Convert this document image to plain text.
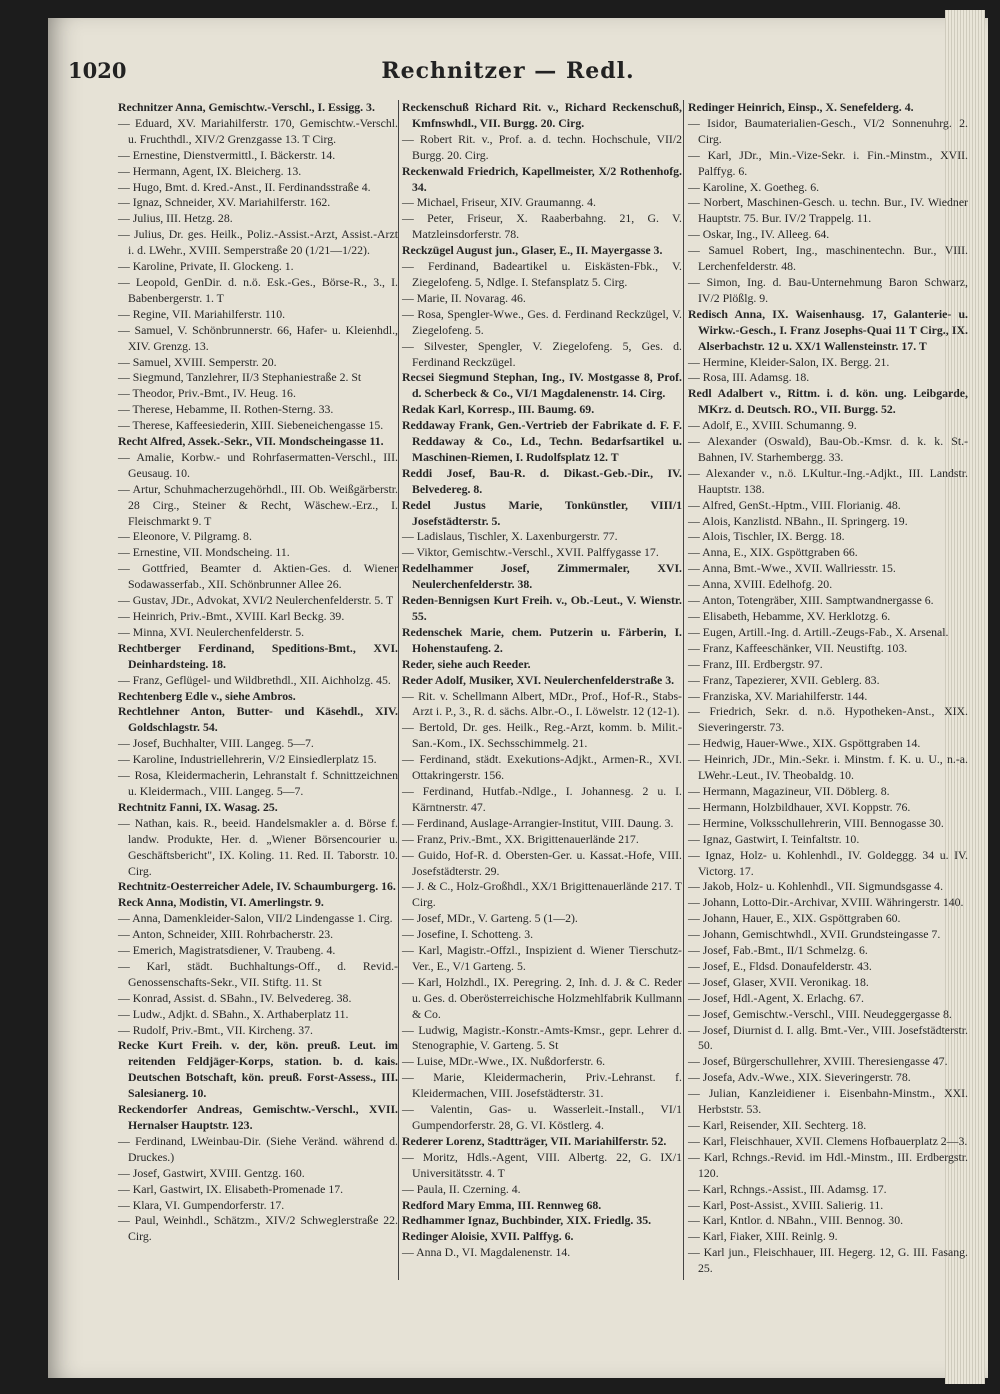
1020	Rechnitzer — Redl.

Rechnitzer Anna, Gemischtw.-Verschl., I. Essigg. 3.

— Eduard, XV. Mariahilferstr. 170, Gemischtw.-Verschl. u. Fruchthdl., XIV/2 Grenzgasse 13. T Cirg.

— Ernestine, Dienstvermittl., I. Bäckerstr. 14.

— Hermann, Agent, IX. Bleicherg. 13.

— Hugo, Bmt. d. Kred.-Anst., II. Ferdinandsstraße 4.

— Ignaz, Schneider, XV. Mariahilferstr. 162.

— Julius, III. Hetzg. 28.

— Julius, Dr. ges. Heilk., Poliz.-Assist.-Arzt, Assist.-Arzt i. d. LWehr., XVIII. Semperstraße 20 (1/21—1/22).

— Karoline, Private, II. Glockeng. 1.

— Leopold, GenDir. d. n.ö. Esk.-Ges., Börse-R., 3., I. Babenbergerstr. 1. T

— Regine, VII. Mariahilferstr. 110.

— Samuel, V. Schönbrunnerstr. 66, Hafer- u. Kleienhdl., XIV. Grenzg. 13.

— Samuel, XVIII. Semperstr. 20.

— Siegmund, Tanzlehrer, II/3 Stephaniestraße 2. St

— Theodor, Priv.-Bmt., IV. Heug. 16.

— Therese, Hebamme, II. Rothen-Sterng. 33.

— Therese, Kaffeesiederin, XIII. Siebeneichengasse 15.

Recht Alfred, Assek.-Sekr., VII. Mondscheingasse 11.

— Amalie, Korbw.- und Rohrfasermatten-Verschl., III. Geusaug. 10.

— Artur, Schuhmacherzugehörhdl., III. Ob. Weißgärberstr. 28 Cirg., Steiner & Recht, Wäschew.-Erz., I. Fleischmarkt 9. T

— Eleonore, V. Pilgramg. 8.

— Ernestine, VII. Mondscheing. 11.

— Gottfried, Beamter d. Aktien-Ges. d. Wiener Sodawasserfab., XII. Schönbrunner Allee 26.

— Gustav, JDr., Advokat, XVI/2 Neulerchenfelderstr. 5. T

— Heinrich, Priv.-Bmt., XVIII. Karl Beckg. 39.

— Minna, XVI. Neulerchenfelderstr. 5.

Rechtberger Ferdinand, Speditions-Bmt., XVI. Deinhardsteing. 18.

— Franz, Geflügel- und Wildbrethdl., XII. Aichholzg. 45.

Rechtenberg Edle v., siehe Ambros.

Rechtlehner Anton, Butter- und Käsehdl., XIV. Goldschlagstr. 54.

— Josef, Buchhalter, VIII. Langeg. 5—7.

— Karoline, Industriellehrerin, V/2 Einsiedlerplatz 15.

— Rosa, Kleidermacherin, Lehranstalt f. Schnittzeichnen u. Kleidermach., VIII. Langeg. 5—7.

Rechtnitz Fanni, IX. Wasag. 25.

— Nathan, kais. R., beeid. Handelsmakler a. d. Börse f. landw. Produkte, Her. d. „Wiener Börsencourier u. Geschäftsbericht", IX. Koling. 11. Red. II. Taborstr. 10. Cirg.

Rechtnitz-Oesterreicher Adele, IV. Schaumburgerg. 16.

Reck Anna, Modistin, VI. Amerlingstr. 9.

— Anna, Damenkleider-Salon, VII/2 Lindengasse 1. Cirg.

— Anton, Schneider, XIII. Rohrbacherstr. 23.

— Emerich, Magistratsdiener, V. Traubeng. 4.

— Karl, städt. Buchhaltungs-Off., d. Revid.-Genossenschafts-Sekr., VII. Stiftg. 11. St

— Konrad, Assist. d. SBahn., IV. Belvedereg. 38.

— Ludw., Adjkt. d. SBahn., X. Arthaberplatz 11.

— Rudolf, Priv.-Bmt., VII. Kircheng. 37.

Recke Kurt Freih. v. der, kön. preuß. Leut. im reitenden Feldjäger-Korps, station. b. d. kais. Deutschen Botschaft, kön. preuß. Forst-Assess., III. Salesianerg. 10.

Reckendorfer Andreas, Gemischtw.-Verschl., XVII. Hernalser Hauptstr. 123.

— Ferdinand, LWeinbau-Dir. (Siehe Veränd. während d. Druckes.)

— Josef, Gastwirt, XVIII. Gentzg. 160.

— Karl, Gastwirt, IX. Elisabeth-Promenade 17.

— Klara, VI. Gumpendorferstr. 17.

— Paul, Weinhdl., Schätzm., XIV/2 Schweglerstraße 22. Cirg.

Reckenschuß Richard Rit. v., Richard Reckenschuß, Kmfnswhdl., VII. Burgg. 20. Cirg.

— Robert Rit. v., Prof. a. d. techn. Hochschule, VII/2 Burgg. 20. Cirg.

Reckenwald Friedrich, Kapellmeister, X/2 Rothenhofg. 34.

— Michael, Friseur, XIV. Graumanng. 4.

— Peter, Friseur, X. Raaberbahng. 21, G. V. Matzleinsdorferstr. 78.

Reckzügel August jun., Glaser, E., II. Mayergasse 3.

— Ferdinand, Badeartikel u. Eiskästen-Fbk., V. Ziegelofeng. 5, Ndlge. I. Stefansplatz 5. Cirg.

— Marie, II. Novarag. 46.

— Rosa, Spengler-Wwe., Ges. d. Ferdinand Reckzügel, V. Ziegelofeng. 5.

— Silvester, Spengler, V. Ziegelofeng. 5, Ges. d. Ferdinand Reckzügel.

Recsei Siegmund Stephan, Ing., IV. Mostgasse 8, Prof. d. Scherbeck & Co., VI/1 Magdalenenstr. 14. Cirg.

Redak Karl, Korresp., III. Baumg. 69.

Reddaway Frank, Gen.-Vertrieb der Fabrikate d. F. F. Reddaway & Co., Ld., Techn. Bedarfsartikel u. Maschinen-Riemen, I. Rudolfsplatz 12. T

Reddi Josef, Bau-R. d. Dikast.-Geb.-Dir., IV. Belvedereg. 8.

Redel Justus Marie, Tonkünstler, VIII/1 Josefstädterstr. 5.

— Ladislaus, Tischler, X. Laxenburgerstr. 77.

— Viktor, Gemischtw.-Verschl., XVII. Palffygasse 17.

Redelhammer Josef, Zimmermaler, XVI. Neulerchenfelderstr. 38.

Reden-Bennigsen Kurt Freih. v., Ob.-Leut., V. Wienstr. 55.

Redenschek Marie, chem. Putzerin u. Färberin, I. Hohenstaufeng. 2.

Reder, siehe auch Reeder.

Reder Adolf, Musiker, XVI. Neulerchenfelderstraße 3.

— Rit. v. Schellmann Albert, MDr., Prof., Hof-R., Stabs-Arzt i. P., 3., R. d. sächs. Albr.-O., I. Löwelstr. 12 (12-1).

— Bertold, Dr. ges. Heilk., Reg.-Arzt, komm. b. Milit.-San.-Kom., IX. Sechsschimmelg. 21.

— Ferdinand, städt. Exekutions-Adjkt., Armen-R., XVI. Ottakringerstr. 156.

— Ferdinand, Hutfab.-Ndlge., I. Johannesg. 2 u. I. Kärntnerstr. 47.

— Ferdinand, Auslage-Arrangier-Institut, VIII. Daung. 3.

— Franz, Priv.-Bmt., XX. Brigittenauerlände 217.

— Guido, Hof-R. d. Obersten-Ger. u. Kassat.-Hofe, VIII. Josefstädterstr. 29.

— J. & C., Holz-Großhdl., XX/1 Brigittenauerlände 217. T Cirg.

— Josef, MDr., V. Garteng. 5 (1—2).

— Josefine, I. Schotteng. 3.

— Karl, Magistr.-Offzl., Inspizient d. Wiener Tierschutz-Ver., E., V/1 Garteng. 5.

— Karl, Holzhdl., IX. Peregring. 2, Inh. d. J. & C. Reder u. Ges. d. Oberösterreichische Holzmehlfabrik Kullmann & Co.

— Ludwig, Magistr.-Konstr.-Amts-Kmsr., gepr. Lehrer d. Stenographie, V. Garteng. 5. St

— Luise, MDr.-Wwe., IX. Nußdorferstr. 6.

— Marie, Kleidermacherin, Priv.-Lehranst. f. Kleidermachen, VIII. Josefstädterstr. 31.

— Valentin, Gas- u. Wasserleit.-Install., VI/1 Gumpendorferstr. 28, G. VI. Köstlerg. 4.

Rederer Lorenz, Stadtträger, VII. Mariahilferstr. 52.

— Moritz, Hdls.-Agent, VIII. Albertg. 22, G. IX/1 Universitätsstr. 4. T

— Paula, II. Czerning. 4.

Redford Mary Emma, III. Rennweg 68.

Redhammer Ignaz, Buchbinder, XIX. Friedlg. 35.

Redinger Aloisie, XVII. Palffyg. 6.

— Anna D., VI. Magdalenenstr. 14.

Redinger Heinrich, Einsp., X. Senefelderg. 4.

— Isidor, Baumaterialien-Gesch., VI/2 Sonnenuhrg. 2. Cirg.

— Karl, JDr., Min.-Vize-Sekr. i. Fin.-Minstm., XVII. Palffyg. 6.

— Karoline, X. Goetheg. 6.

— Norbert, Maschinen-Gesch. u. techn. Bur., IV. Wiedner Hauptstr. 75. Bur. IV/2 Trappelg. 11.

— Oskar, Ing., IV. Alleeg. 64.

— Samuel Robert, Ing., maschinentechn. Bur., VIII. Lerchenfelderstr. 48.

— Simon, Ing. d. Bau-Unternehmung Baron Schwarz, IV/2 Plößlg. 9.

Redisch Anna, IX. Waisenhausg. 17, Galanterie- u. Wirkw.-Gesch., I. Franz Josephs-Quai 11 T Cirg., IX. Alserbachstr. 12 u. XX/1 Wallensteinstr. 17. T

— Hermine, Kleider-Salon, IX. Bergg. 21.

— Rosa, III. Adamsg. 18.

Redl Adalbert v., Rittm. i. d. kön. ung. Leibgarde, MKrz. d. Deutsch. RO., VII. Burgg. 52.

— Adolf, E., XVIII. Schumanng. 9.

— Alexander (Oswald), Bau-Ob.-Kmsr. d. k. k. St.-Bahnen, IV. Starhembergg. 33.

— Alexander v., n.ö. LKultur.-Ing.-Adjkt., III. Landstr. Hauptstr. 138.

— Alfred, GenSt.-Hptm., VIII. Florianig. 48.

— Alois, Kanzlistd. NBahn., II. Springerg. 19.

— Alois, Tischler, IX. Bergg. 18.

— Anna, E., XIX. Gspöttgraben 66.

— Anna, Bmt.-Wwe., XVII. Wallriesstr. 15.

— Anna, XVIII. Edelhofg. 20.

— Anton, Totengräber, XIII. Samptwandnergasse 6.

— Elisabeth, Hebamme, XV. Herklotzg. 6.

— Eugen, Artill.-Ing. d. Artill.-Zeugs-Fab., X. Arsenal.

— Franz, Kaffeeschänker, VII. Neustiftg. 103.

— Franz, III. Erdbergstr. 97.

— Franz, Tapezierer, XVII. Geblerg. 83.

— Franziska, XV. Mariahilferstr. 144.

— Friedrich, Sekr. d. n.ö. Hypotheken-Anst., XIX. Sieveringerstr. 73.

— Hedwig, Hauer-Wwe., XIX. Gspöttgraben 14.

— Heinrich, JDr., Min.-Sekr. i. Minstm. f. K. u. U., n.-a. LWehr.-Leut., IV. Theobaldg. 10.

— Hermann, Magazineur, VII. Döblerg. 8.

— Hermann, Holzbildhauer, XVI. Koppstr. 76.

— Hermine, Volksschullehrerin, VIII. Bennogasse 30.

— Ignaz, Gastwirt, I. Teinfaltstr. 10.

— Ignaz, Holz- u. Kohlenhdl., IV. Goldeggg. 34 u. IV. Victorg. 17.

— Jakob, Holz- u. Kohlenhdl., VII. Sigmundsgasse 4.

— Johann, Lotto-Dir.-Archivar, XVIII. Währingerstr. 140.

— Johann, Hauer, E., XIX. Gspöttgraben 60.

— Johann, Gemischtwhdl., XVII. Grundsteingasse 7.

— Josef, Fab.-Bmt., II/1 Schmelzg. 6.

— Josef, E., Fldsd. Donaufelderstr. 43.

— Josef, Glaser, XVII. Veronikag. 18.

— Josef, Hdl.-Agent, X. Erlachg. 67.

— Josef, Gemischtw.-Verschl., VIII. Neudeggergasse 8.

— Josef, Diurnist d. I. allg. Bmt.-Ver., VIII. Josefstädterstr. 50.

— Josef, Bürgerschullehrer, XVIII. Theresiengasse 47.

— Josefa, Adv.-Wwe., XIX. Sieveringerstr. 78.

— Julian, Kanzleidiener i. Eisenbahn-Minstm., XXI. Herbststr. 53.

— Karl, Reisender, XII. Sechterg. 18.

— Karl, Fleischhauer, XVII. Clemens Hofbauerplatz 2—3.

— Karl, Rchngs.-Revid. im Hdl.-Minstm., III. Erdbergstr. 120.

— Karl, Rchngs.-Assist., III. Adamsg. 17.

— Karl, Post-Assist., XVIII. Salierig. 11.

— Karl, Kntlor. d. NBahn., VIII. Bennog. 30.

— Karl, Fiaker, XIII. Reinlg. 9.

— Karl jun., Fleischhauer, III. Hegerg. 12, G. III. Fasang. 25.
